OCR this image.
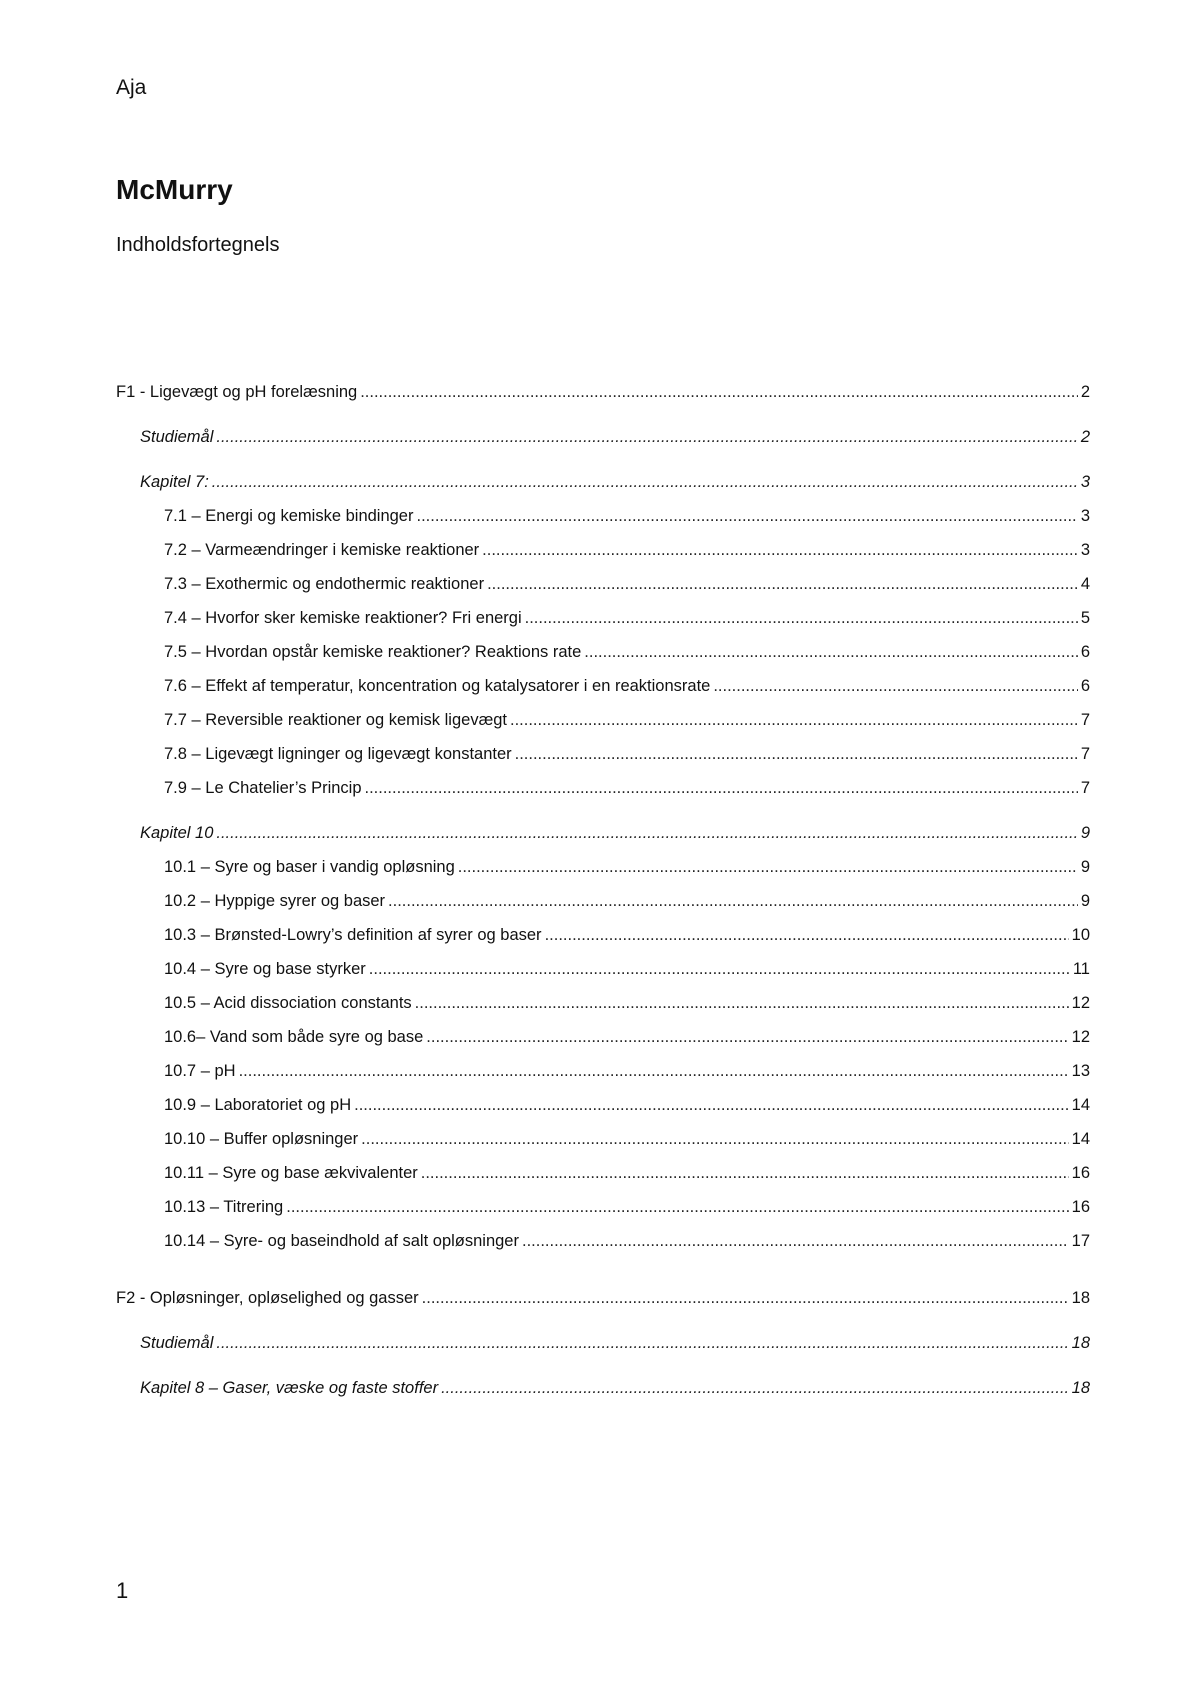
Aja
McMurry
Indholdsfortegnels
F1 - Ligevægt og pH forelæsning .....	2
Studiemål .....	2
Kapitel 7: .....	3
7.1 – Energi og kemiske bindinger .....	3
7.2 – Varmeændringer i kemiske reaktioner .....	3
7.3 – Exothermic og endothermic reaktioner .....	4
7.4 – Hvorfor sker kemiske reaktioner? Fri energi .....	5
7.5 – Hvordan opstår kemiske reaktioner? Reaktions rate .....	6
7.6 – Effekt af temperatur, koncentration og katalysatorer i en reaktionsrate .....	6
7.7 – Reversible reaktioner og kemisk ligevægt .....	7
7.8 – Ligevægt ligninger og ligevægt konstanter .....	7
7.9 – Le Chatelier’s Princip .....	7
Kapitel 10 .....	9
10.1 – Syre og baser i vandig opløsning .....	9
10.2 – Hyppige syrer og baser .....	9
10.3 – Brønsted-Lowry’s definition af syrer og baser .....	10
10.4 – Syre og base styrker .....	11
10.5 – Acid dissociation constants .....	12
10.6– Vand som både syre og base .....	12
10.7 – pH .....	13
10.9 – Laboratoriet og pH .....	14
10.10 – Buffer opløsninger .....	14
10.11 – Syre og base ækvivalenter .....	16
10.13 – Titrering .....	16
10.14 – Syre- og baseindhold af salt opløsninger .....	17
F2 - Opløsninger, opløselighed og gasser .....	18
Studiemål .....	18
Kapitel 8 – Gaser, væske og faste stoffer .....	18
1
